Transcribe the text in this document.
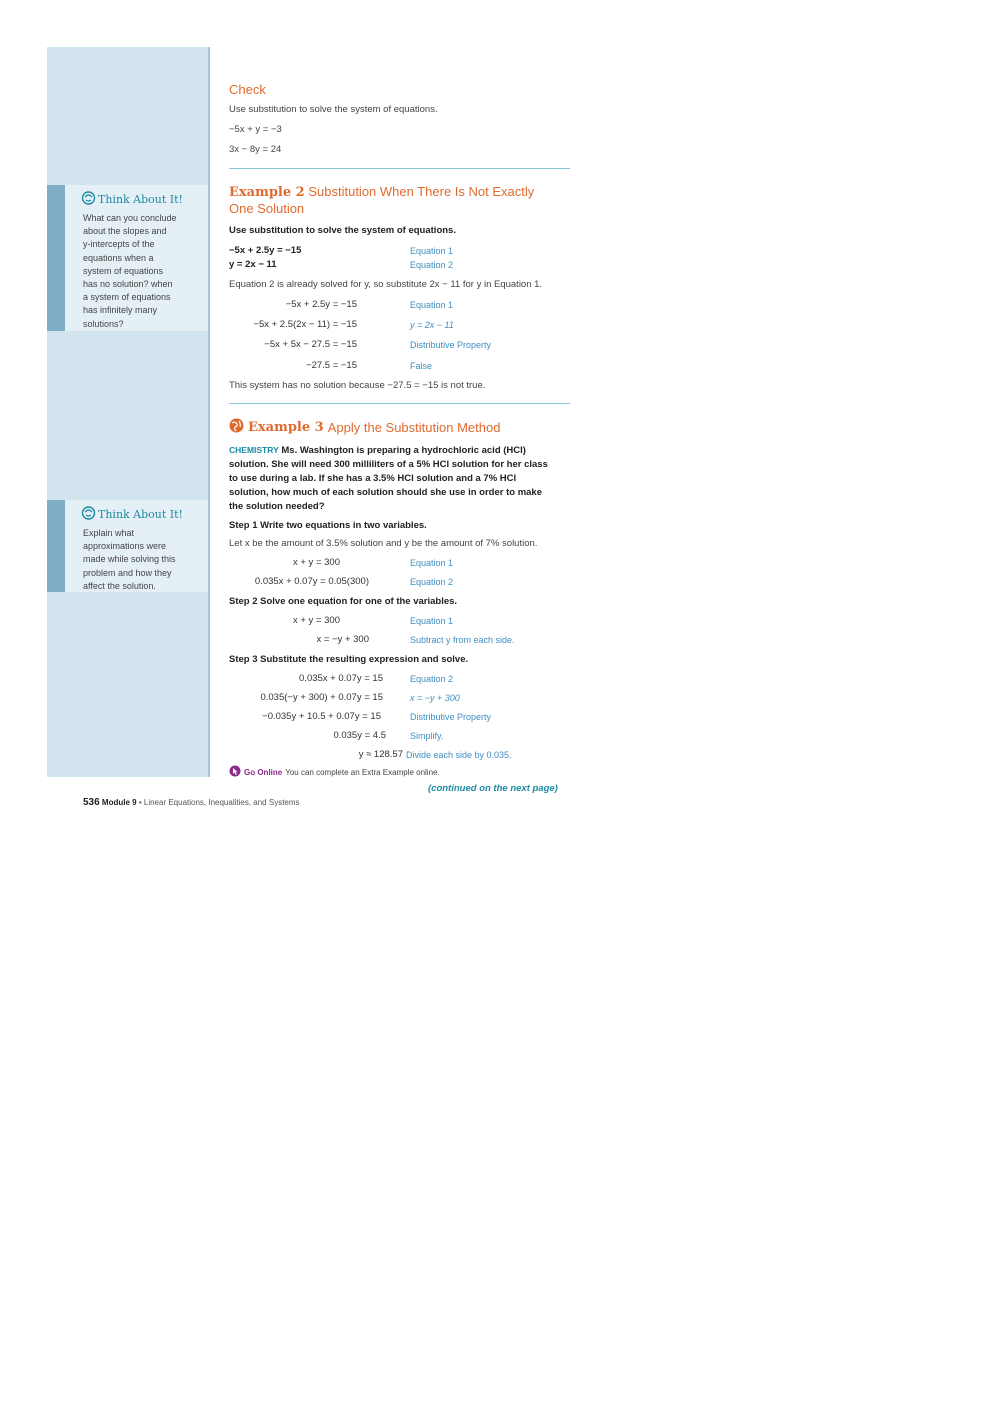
Think About It!
What can you conclude
about the slopes and
y-intercepts of the
equations when a
system of equations
has no solution? when
a system of equations
has infinitely many
solutions?
Think About It!
Explain what
approximations were
made while solving this
problem and how they
affect the solution.
Check
Use substitution to solve the system of equations.
−5x + y = −3
3x − 8y = 24
Example 2 Substitution When There Is Not Exactly
One Solution
Use substitution to solve the system of equations.
−5x + 2.5y = −15	Equation 1
y = 2x − 11	Equation 2
Equation 2 is already solved for y, so substitute 2x − 11 for y in Equation 1.
−5x + 2.5y = −15	Equation 1
−5x + 2.5(2x − 11) = −15	y = 2x − 11
−5x + 5x − 27.5 = −15	Distributive Property
−27.5 = −15	False
This system has no solution because −27.5 = −15 is not true.
Example 3 Apply the Substitution Method
CHEMISTRY Ms. Washington is preparing a hydrochloric acid (HCl)
solution. She will need 300 milliliters of a 5% HCl solution for her class
to use during a lab. If she has a 3.5% HCl solution and a 7% HCl
solution, how much of each solution should she use in order to make
the solution needed?
Step 1 Write two equations in two variables.
Let x be the amount of 3.5% solution and y be the amount of 7% solution.
x + y = 300	Equation 1
0.035x + 0.07y = 0.05(300)	Equation 2
Step 2 Solve one equation for one of the variables.
x + y = 300	Equation 1
x = −y + 300	Subtract y from each side.
Step 3 Substitute the resulting expression and solve.
0.035x + 0.07y = 15	Equation 2
0.035(−y + 300) + 0.07y = 15	x = −y + 300
−0.035y + 10.5 + 0.07y = 15	Distributive Property
0.035y = 4.5	Simplify.
y ≈ 128.57 Divide each side by 0.035.
Go Online You can complete an Extra Example online.
(continued on the next page)
536 Module 9 • Linear Equations, Inequalities, and Systems
